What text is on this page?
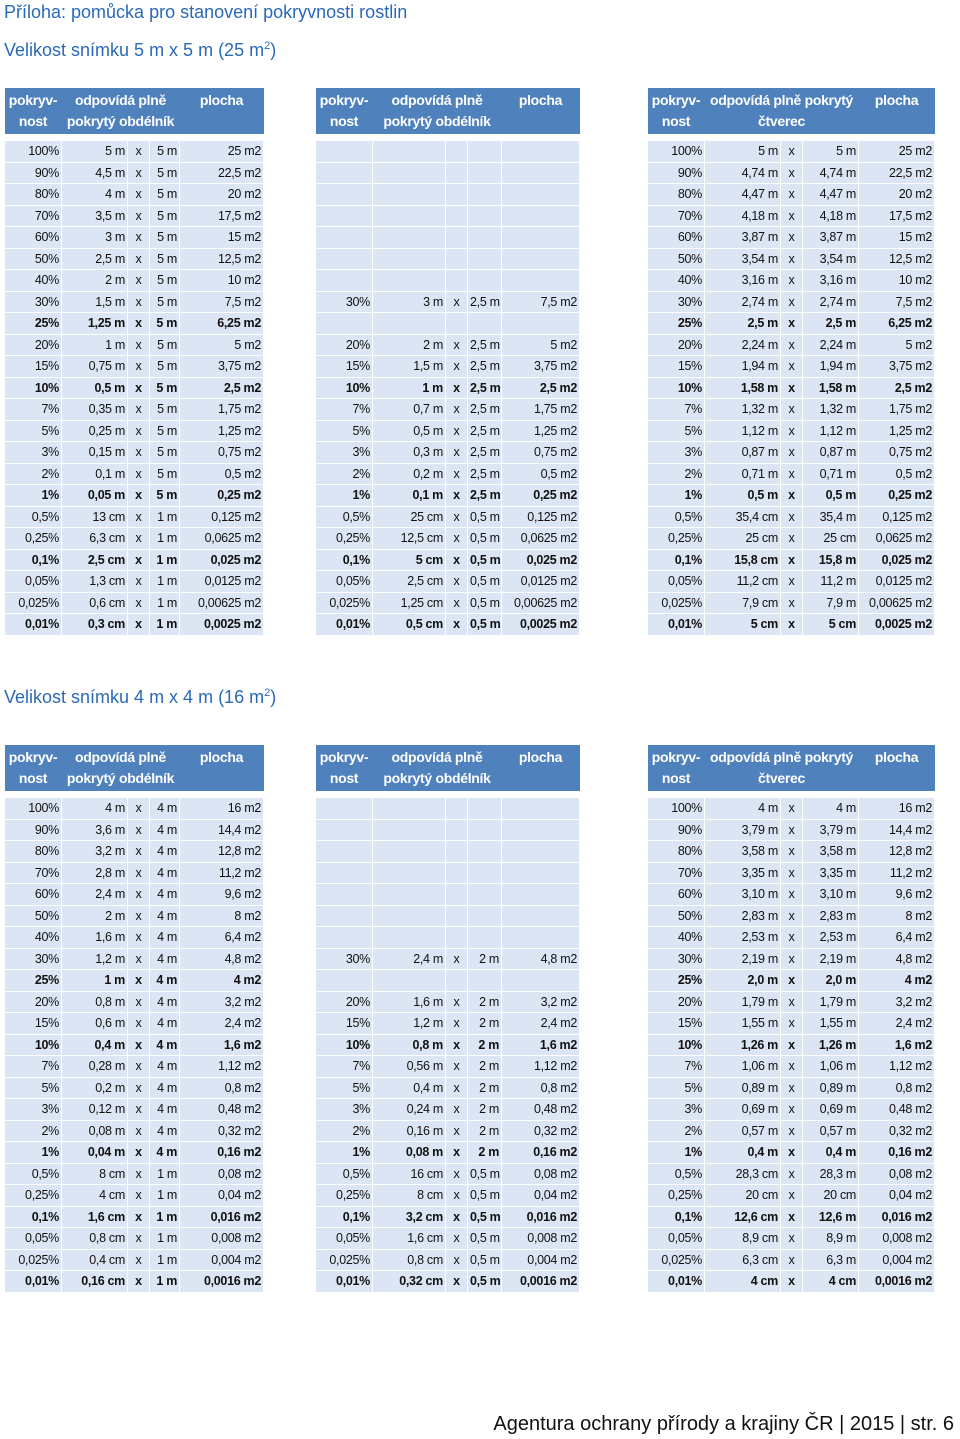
Příloha: pomůcka pro stanovení pokryvnosti rostlin
Velikost snímku 5 m x 5 m (25 $m^2$)
Velikost snímku 4 m x 4 m (16 $m^2$)
pokryv-
nost	odpovídá plně
pokrytý obdélník			plocha

100%	5 m	x	5 m	25 m2
90%	4,5 m	x	5 m	22,5 m2
80%	4 m	x	5 m	20 m2
70%	3,5 m	x	5 m	17,5 m2
60%	3 m	x	5 m	15 m2
50%	2,5 m	x	5 m	12,5 m2
40%	2 m	x	5 m	10 m2
30%	1,5 m	x	5 m	7,5 m2
25%	1,25 m	x	5 m	6,25 m2
20%	1 m	x	5 m	5 m2
15%	0,75 m	x	5 m	3,75 m2
10%	0,5 m	x	5 m	2,5 m2
7%	0,35 m	x	5 m	1,75 m2
5%	0,25 m	x	5 m	1,25 m2
3%	0,15 m	x	5 m	0,75 m2
2%	0,1 m	x	5 m	0,5 m2
1%	0,05 m	x	5 m	0,25 m2
0,5%	13 cm	x	1 m	0,125 m2
0,25%	6,3 cm	x	1 m	0,0625 m2
0,1%	2,5 cm	x	1 m	0,025 m2
0,05%	1,3 cm	x	1 m	0,0125 m2
0,025%	0,6 cm	x	1 m	0,00625 m2
0,01%	0,3 cm	x	1 m	0,0025 m2
pokryv-
nost	odpovídá plně
pokrytý obdélník			plocha

30%	3 m	x	2,5 m	7,5 m2

20%	2 m	x	2,5 m	5 m2
15%	1,5 m	x	2,5 m	3,75 m2
10%	1 m	x	2,5 m	2,5 m2
7%	0,7 m	x	2,5 m	1,75 m2
5%	0,5 m	x	2,5 m	1,25 m2
3%	0,3 m	x	2,5 m	0,75 m2
2%	0,2 m	x	2,5 m	0,5 m2
1%	0,1 m	x	2,5 m	0,25 m2
0,5%	25 cm	x	0,5 m	0,125 m2
0,25%	12,5 cm	x	0,5 m	0,0625 m2
0,1%	5 cm	x	0,5 m	0,025 m2
0,05%	2,5 cm	x	0,5 m	0,0125 m2
0,025%	1,25 cm	x	0,5 m	0,00625 m2
0,01%	0,5 cm	x	0,5 m	0,0025 m2
pokryv-
nost	odpovídá plně pokrytý
čtverec			plocha

100%	5 m	x	5 m	25 m2
90%	4,74 m	x	4,74 m	22,5 m2
80%	4,47 m	x	4,47 m	20 m2
70%	4,18 m	x	4,18 m	17,5 m2
60%	3,87 m	x	3,87 m	15 m2
50%	3,54 m	x	3,54 m	12,5 m2
40%	3,16 m	x	3,16 m	10 m2
30%	2,74 m	x	2,74 m	7,5 m2
25%	2,5 m	x	2,5 m	6,25 m2
20%	2,24 m	x	2,24 m	5 m2
15%	1,94 m	x	1,94 m	3,75 m2
10%	1,58 m	x	1,58 m	2,5 m2
7%	1,32 m	x	1,32 m	1,75 m2
5%	1,12 m	x	1,12 m	1,25 m2
3%	0,87 m	x	0,87 m	0,75 m2
2%	0,71 m	x	0,71 m	0,5 m2
1%	0,5 m	x	0,5 m	0,25 m2
0,5%	35,4 cm	x	35,4 m	0,125 m2
0,25%	25 cm	x	25 cm	0,0625 m2
0,1%	15,8 cm	x	15,8 m	0,025 m2
0,05%	11,2 cm	x	11,2 m	0,0125 m2
0,025%	7,9 cm	x	7,9 m	0,00625 m2
0,01%	5 cm	x	5 cm	0,0025 m2
pokryv-
nost	odpovídá plně
pokrytý obdélník			plocha

100%	4 m	x	4 m	16 m2
90%	3,6 m	x	4 m	14,4 m2
80%	3,2 m	x	4 m	12,8 m2
70%	2,8 m	x	4 m	11,2 m2
60%	2,4 m	x	4 m	9,6 m2
50%	2 m	x	4 m	8 m2
40%	1,6 m	x	4 m	6,4 m2
30%	1,2 m	x	4 m	4,8 m2
25%	1 m	x	4 m	4 m2
20%	0,8 m	x	4 m	3,2 m2
15%	0,6 m	x	4 m	2,4 m2
10%	0,4 m	x	4 m	1,6 m2
7%	0,28 m	x	4 m	1,12 m2
5%	0,2 m	x	4 m	0,8 m2
3%	0,12 m	x	4 m	0,48 m2
2%	0,08 m	x	4 m	0,32 m2
1%	0,04 m	x	4 m	0,16 m2
0,5%	8 cm	x	1 m	0,08 m2
0,25%	4 cm	x	1 m	0,04 m2
0,1%	1,6 cm	x	1 m	0,016 m2
0,05%	0,8 cm	x	1 m	0,008 m2
0,025%	0,4 cm	x	1 m	0,004 m2
0,01%	0,16 cm	x	1 m	0,0016 m2
pokryv-
nost	odpovídá plně
pokrytý obdélník			plocha

30%	2,4 m	x	2 m	4,8 m2

20%	1,6 m	x	2 m	3,2 m2
15%	1,2 m	x	2 m	2,4 m2
10%	0,8 m	x	2 m	1,6 m2
7%	0,56 m	x	2 m	1,12 m2
5%	0,4 m	x	2 m	0,8 m2
3%	0,24 m	x	2 m	0,48 m2
2%	0,16 m	x	2 m	0,32 m2
1%	0,08 m	x	2 m	0,16 m2
0,5%	16 cm	x	0,5 m	0,08 m2
0,25%	8 cm	x	0,5 m	0,04 m2
0,1%	3,2 cm	x	0,5 m	0,016 m2
0,05%	1,6 cm	x	0,5 m	0,008 m2
0,025%	0,8 cm	x	0,5 m	0,004 m2
0,01%	0,32 cm	x	0,5 m	0,0016 m2
pokryv-
nost	odpovídá plně pokrytý
čtverec			plocha

100%	4 m	x	4 m	16 m2
90%	3,79 m	x	3,79 m	14,4 m2
80%	3,58 m	x	3,58 m	12,8 m2
70%	3,35 m	x	3,35 m	11,2 m2
60%	3,10 m	x	3,10 m	9,6 m2
50%	2,83 m	x	2,83 m	8 m2
40%	2,53 m	x	2,53 m	6,4 m2
30%	2,19 m	x	2,19 m	4,8 m2
25%	2,0 m	x	2,0 m	4 m2
20%	1,79 m	x	1,79 m	3,2 m2
15%	1,55 m	x	1,55 m	2,4 m2
10%	1,26 m	x	1,26 m	1,6 m2
7%	1,06 m	x	1,06 m	1,12 m2
5%	0,89 m	x	0,89 m	0,8 m2
3%	0,69 m	x	0,69 m	0,48 m2
2%	0,57 m	x	0,57 m	0,32 m2
1%	0,4 m	x	0,4 m	0,16 m2
0,5%	28,3 cm	x	28,3 m	0,08 m2
0,25%	20 cm	x	20 cm	0,04 m2
0,1%	12,6 cm	x	12,6 m	0,016 m2
0,05%	8,9 cm	x	8,9 m	0,008 m2
0,025%	6,3 cm	x	6,3 m	0,004 m2
0,01%	4 cm	x	4 cm	0,0016 m2
Agentura ochrany přírody a krajiny ČR | 2015 | str. 6
